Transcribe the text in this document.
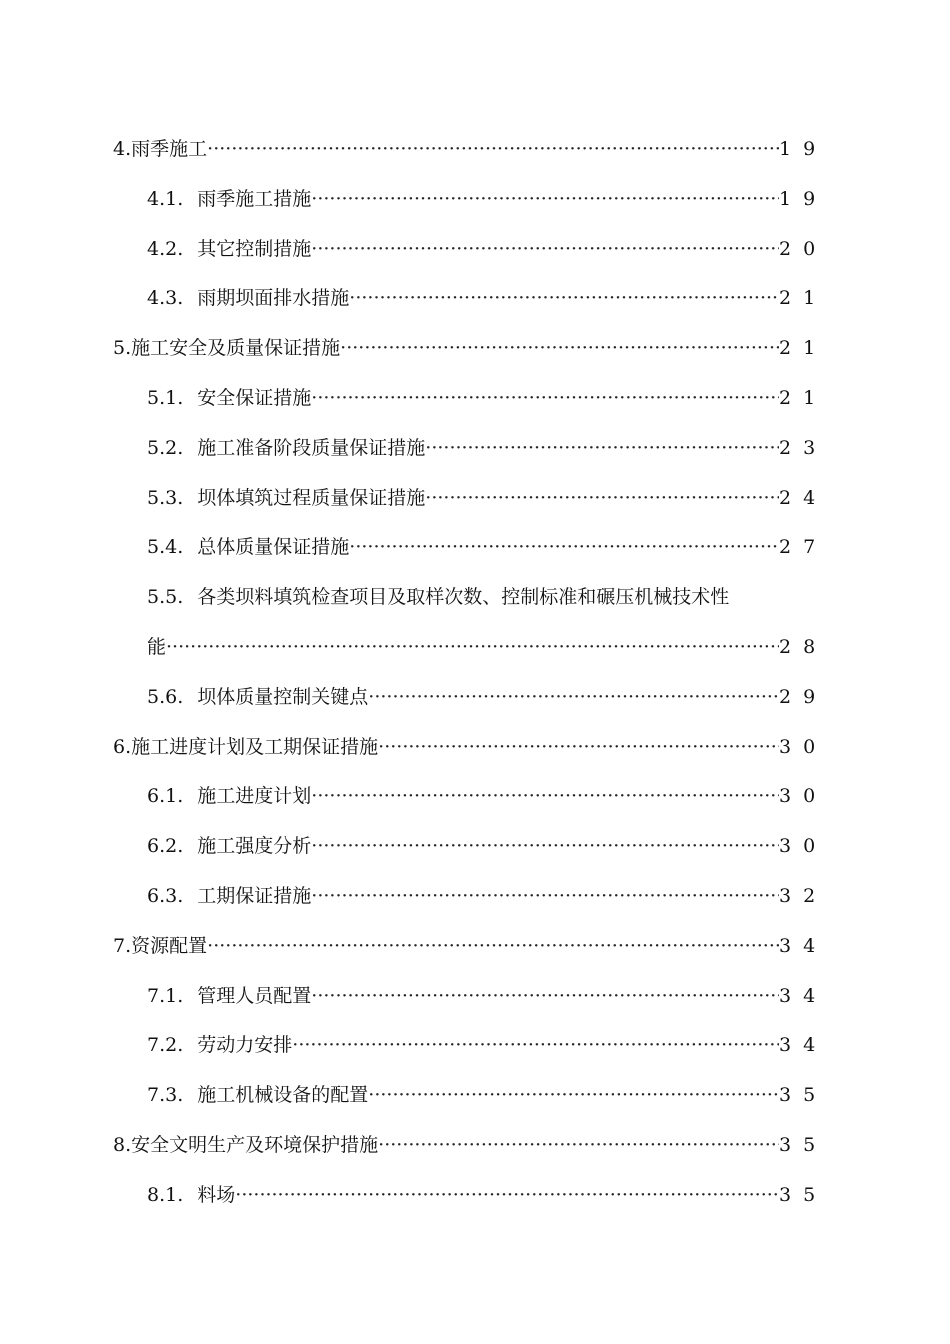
4. 雨季施工 ·····	19
4.1. 雨季施工措施 ·····	19
4.2. 其它控制措施 ·····	20
4.3. 雨期坝面排水措施 ·····	21
5. 施工安全及质量保证措施 ·····	21
5.1. 安全保证措施 ·····	21
5.2. 施工准备阶段质量保证措施 ·····	23
5.3. 坝体填筑过程质量保证措施 ·····	24
5.4. 总体质量保证措施 ·····	27
5.5. 各类坝料填筑检查项目及取样次数、控制标准和碾压机械技术性
能 ·····	28
5.6. 坝体质量控制关键点 ·····	29
6. 施工进度计划及工期保证措施 ·····	30
6.1. 施工进度计划 ·····	30
6.2. 施工强度分析 ·····	30
6.3. 工期保证措施 ·····	32
7. 资源配置 ·····	34
7.1. 管理人员配置 ·····	34
7.2. 劳动力安排 ·····	34
7.3. 施工机械设备的配置 ·····	35
8. 安全文明生产及环境保护措施 ·····	35
8.1. 料场 ·····	35
